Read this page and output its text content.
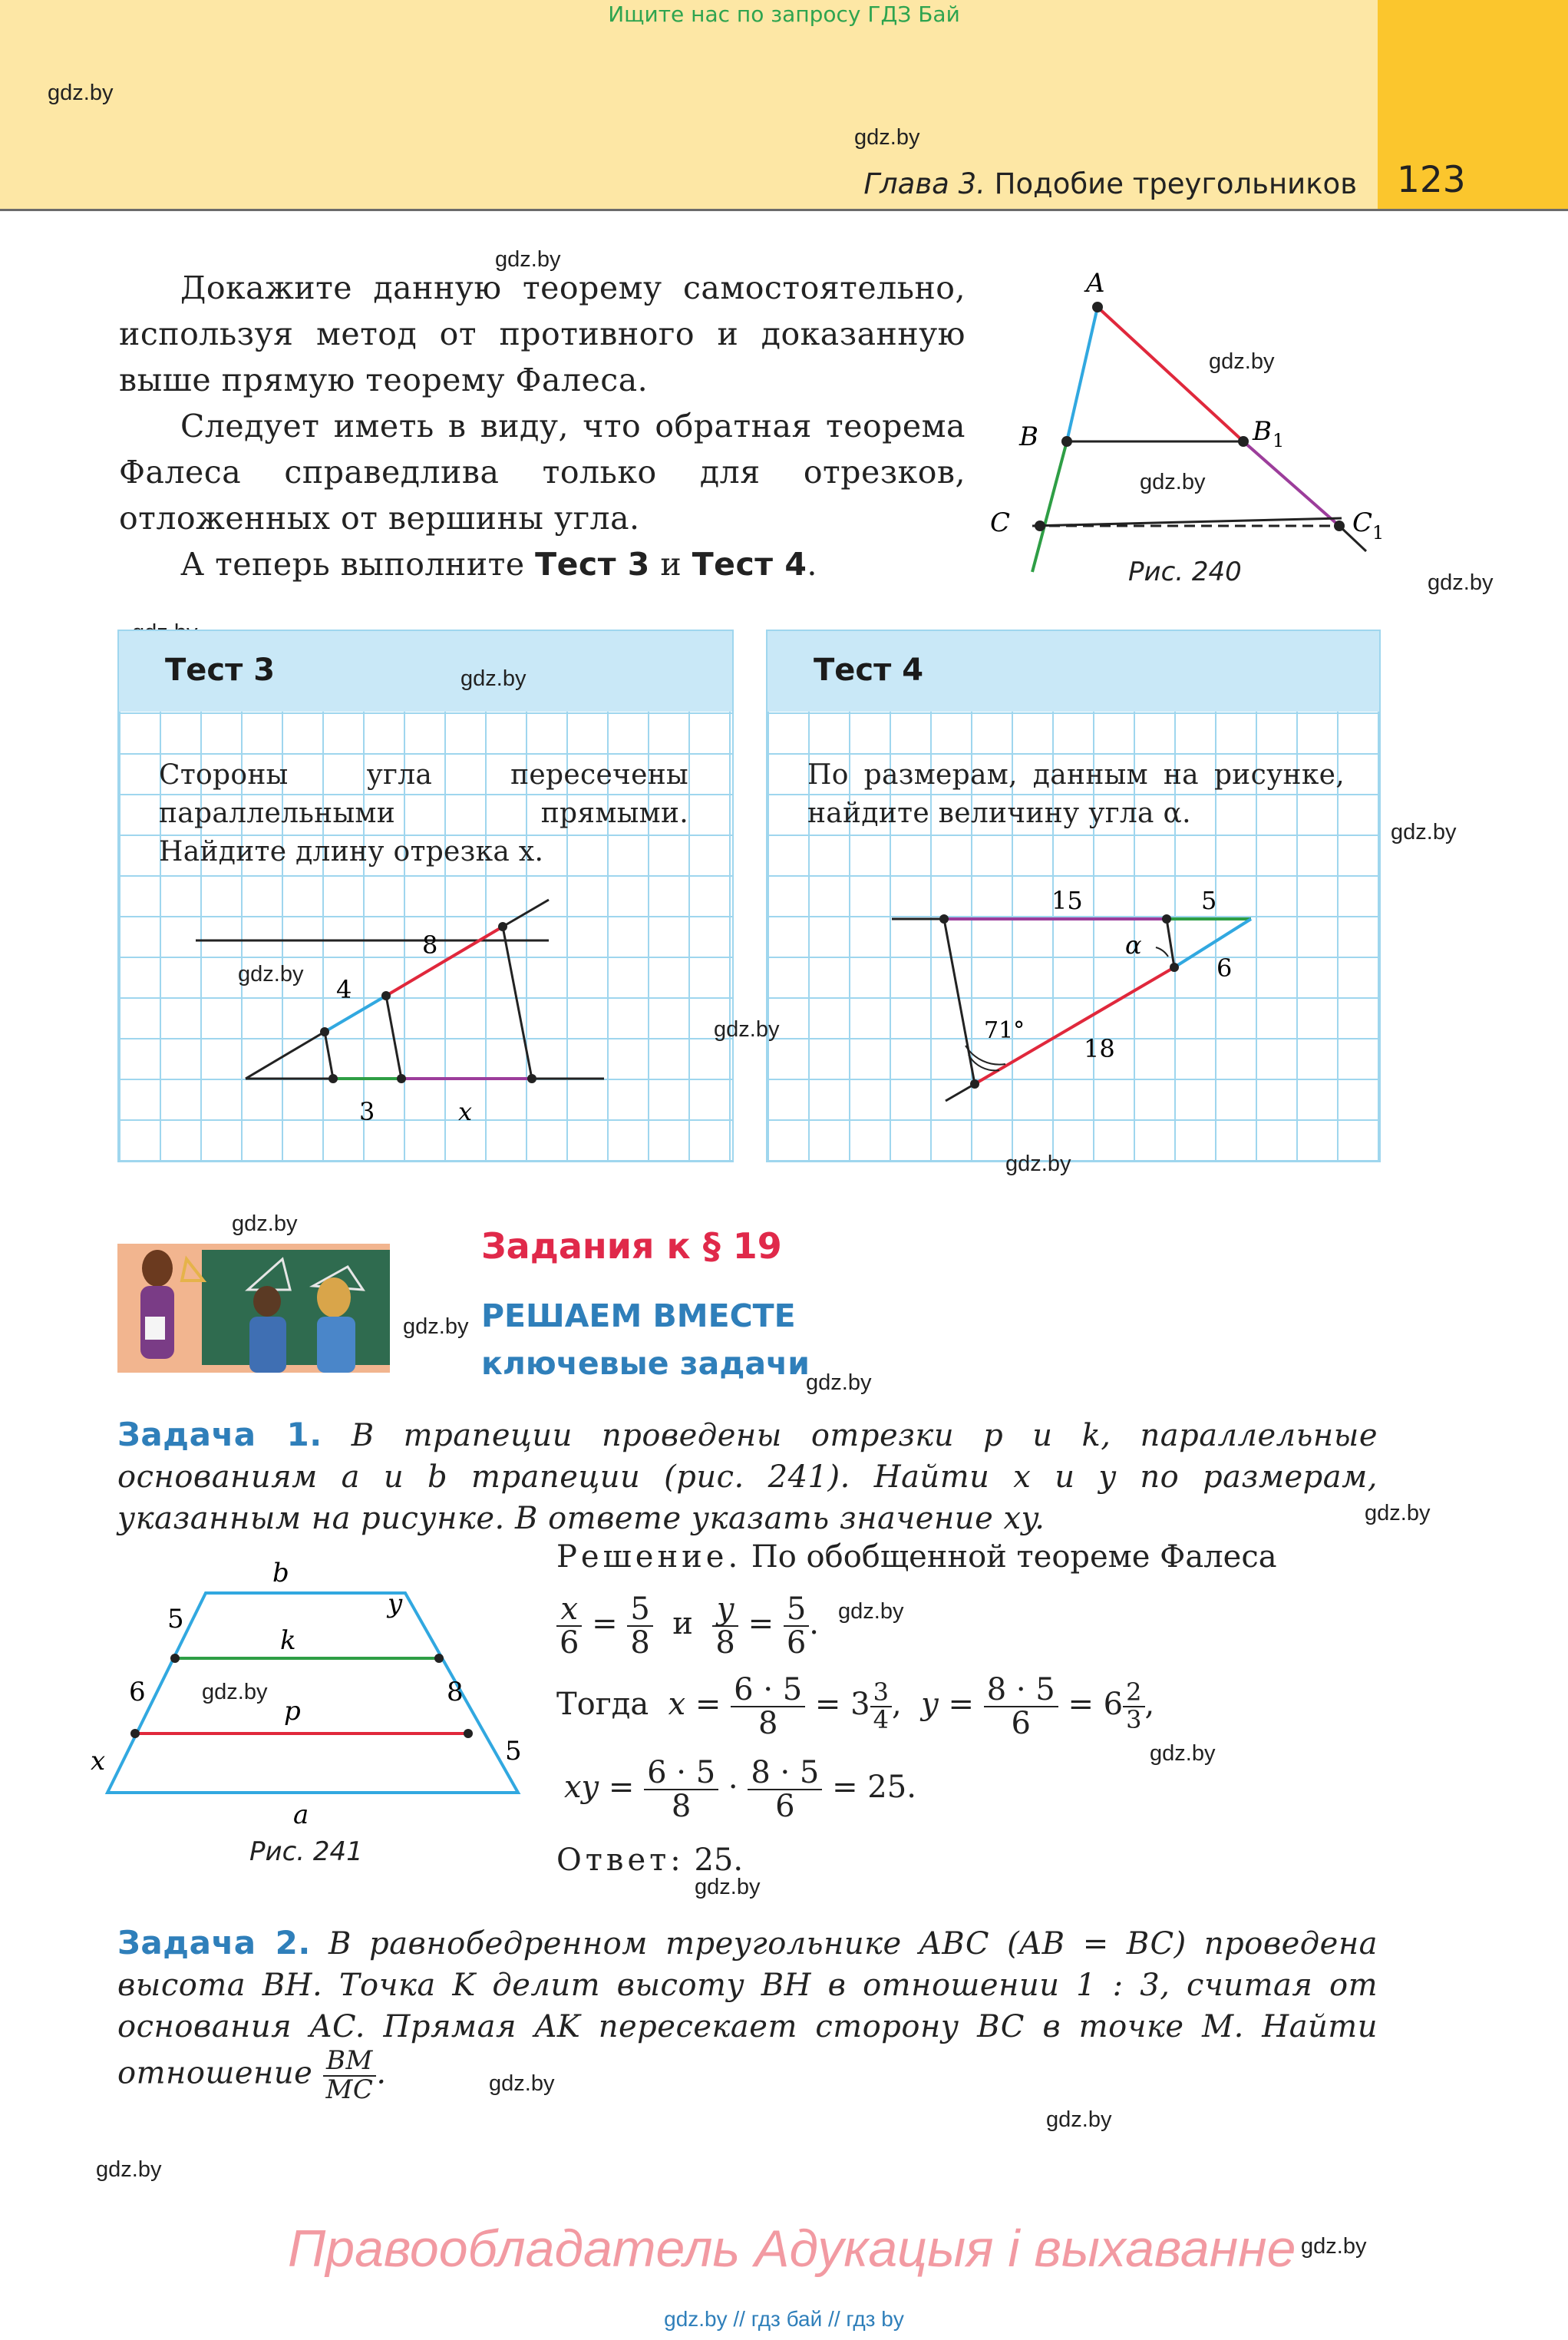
Ищите нас по запросу ГДЗ Бай
gdz.by
gdz.by
Глава 3. Подобие треугольников 123
gdz.by
Докажите данную теорему самостоятельно, используя метод от противного и доказанную выше прямую теорему Фалеса.
Следует иметь в виду, что обратная теорема Фалеса справедлива только для отрезков, отложенных от вершины угла.
А теперь выполните Тест 3 и Тест 4.
A
B	B 1
C	C 1
gdz.by
gdz.by
Рис. 240	gdz.by
Тест 3
Стороны угла пересечены параллельными прямыми. Найдите длину отрезка x.
8
4
3	x
gdz.by
gdz.by
Тест 4
По размерам, данным на рисунке, найдите величину угла α.
15	5
6
18
71°
α
gdz.by
gdz.by
gdz.by
gdz.by
Задания к § 19
gdz.by РЕШАЕМ ВМЕСТЕ
ключевые задачи
gdz.by
Задача 1. В трапеции проведены отрезки p и k, параллельные основаниям a и b трапеции (рис. 241). Найти x и y по размерам, указанным на рисунке. В ответе указать значение xy.	gdz.by
b
k
p
a
5
6
x
y
8
5
gdz.by
Рис. 241
Решение. По обобщенной теореме Фалеса
$\frac{x}{6} = \frac{5}{8}$ и $\frac{y}{8} = \frac{5}{6}$ . gdz.by
Тогда $x = \frac{6 \cdot 5}{8} = 3 \frac{3}{4}$ ,  $y = \frac{8 \cdot 5}{6} = 6 \frac{2}{3}$ ,
gdz.by
xy = $\frac{6 \cdot 5}{8} \cdot \frac{8 \cdot 5}{6} = 25$.
Ответ: 25.
gdz.by
Задача 2. В равнобедренном треугольнике ABC (AB = BC) проведена высота BH. Точка K делит высоту BH в отношении 1 : 3, считая от основания AC. Прямая AK пересекает сторону BC в точке M. Найти отношение $\frac{BM}{MC}$ .	gdz.by
gdz.by
gdz.by
Правообладатель Адукацыя і выхаванне gdz.by
gdz.by // гдз бай // гдз by
